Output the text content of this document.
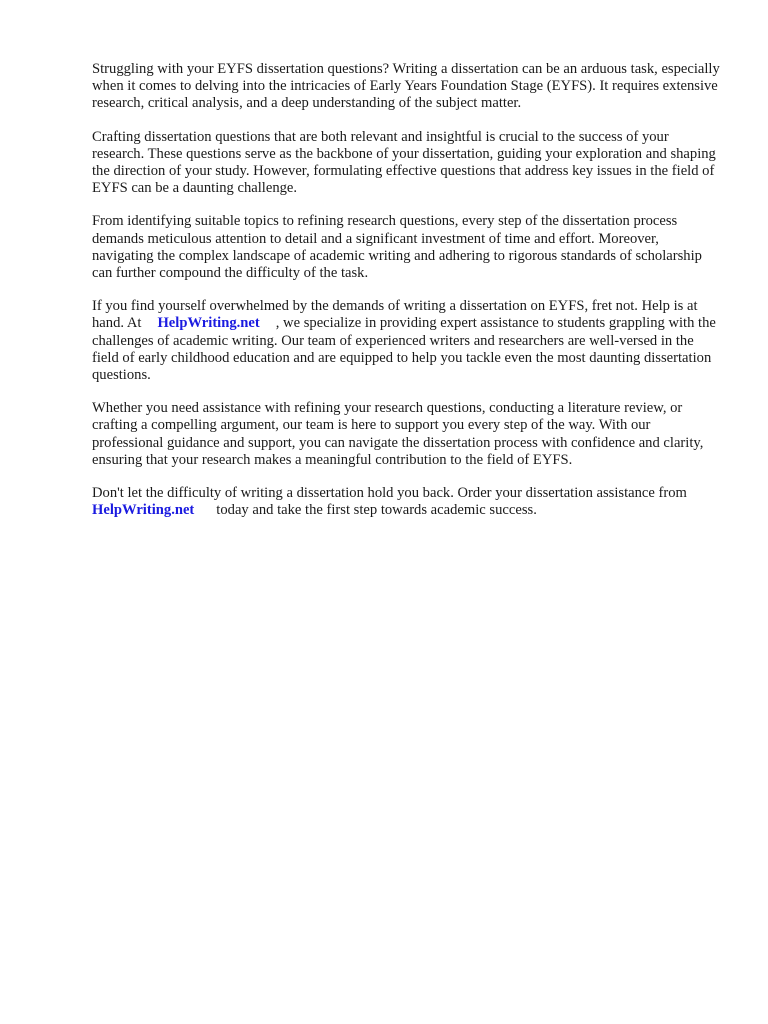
Struggling with your EYFS dissertation questions? Writing a dissertation can be an arduous task, especially when it comes to delving into the intricacies of Early Years Foundation Stage (EYFS). It requires extensive research, critical analysis, and a deep understanding of the subject matter.

Crafting dissertation questions that are both relevant and insightful is crucial to the success of your research. These questions serve as the backbone of your dissertation, guiding your exploration and shaping the direction of your study. However, formulating effective questions that address key issues in the field of EYFS can be a daunting challenge.

From identifying suitable topics to refining research questions, every step of the dissertation process demands meticulous attention to detail and a significant investment of time and effort. Moreover, navigating the complex landscape of academic writing and adhering to rigorous standards of scholarship can further compound the difficulty of the task.

If you find yourself overwhelmed by the demands of writing a dissertation on EYFS, fret not. Help is at hand. At HelpWriting.net , we specialize in providing expert assistance to students grappling with the challenges of academic writing. Our team of experienced writers and researchers are well-versed in the field of early childhood education and are equipped to help you tackle even the most daunting dissertation questions.

Whether you need assistance with refining your research questions, conducting a literature review, or crafting a compelling argument, our team is here to support you every step of the way. With our professional guidance and support, you can navigate the dissertation process with confidence and clarity, ensuring that your research makes a meaningful contribution to the field of EYFS.

Don't let the difficulty of writing a dissertation hold you back. Order your dissertation assistance fromHelpWriting.net today and take the first step towards academic success.
